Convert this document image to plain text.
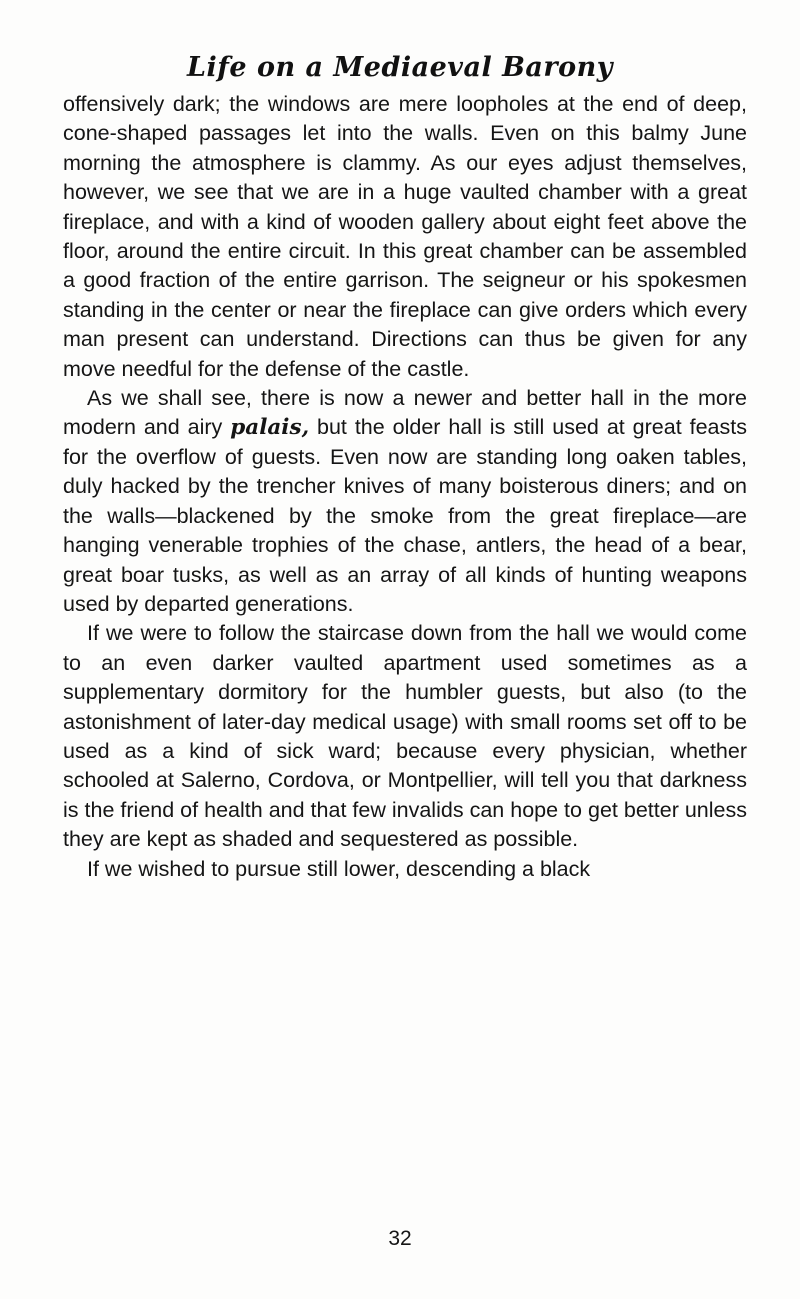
Life on a Mediaeval Barony

offensively dark; the windows are mere loopholes at the end of deep, cone-shaped passages let into the walls. Even on this balmy June morning the atmosphere is clammy. As our eyes adjust themselves, however, we see that we are in a huge vaulted chamber with a great fireplace, and with a kind of wooden gallery about eight feet above the floor, around the entire circuit. In this great chamber can be assembled a good fraction of the entire garrison. The seigneur or his spokesmen standing in the center or near the fireplace can give orders which every man present can understand. Directions can thus be given for any move needful for the defense of the castle.

As we shall see, there is now a newer and better hall in the more modern and airy palais, but the older hall is still used at great feasts for the overflow of guests. Even now are standing long oaken tables, duly hacked by the trencher knives of many boisterous diners; and on the walls—blackened by the smoke from the great fireplace—are hanging venerable trophies of the chase, antlers, the head of a bear, great boar tusks, as well as an array of all kinds of hunting weapons used by departed generations.

If we were to follow the staircase down from the hall we would come to an even darker vaulted apartment used sometimes as a supplementary dormitory for the humbler guests, but also (to the astonishment of later-day medical usage) with small rooms set off to be used as a kind of sick ward; because every physician, whether schooled at Salerno, Cordova, or Montpellier, will tell you that darkness is the friend of health and that few invalids can hope to get better unless they are kept as shaded and sequestered as possible.

If we wished to pursue still lower, descending a black

32
